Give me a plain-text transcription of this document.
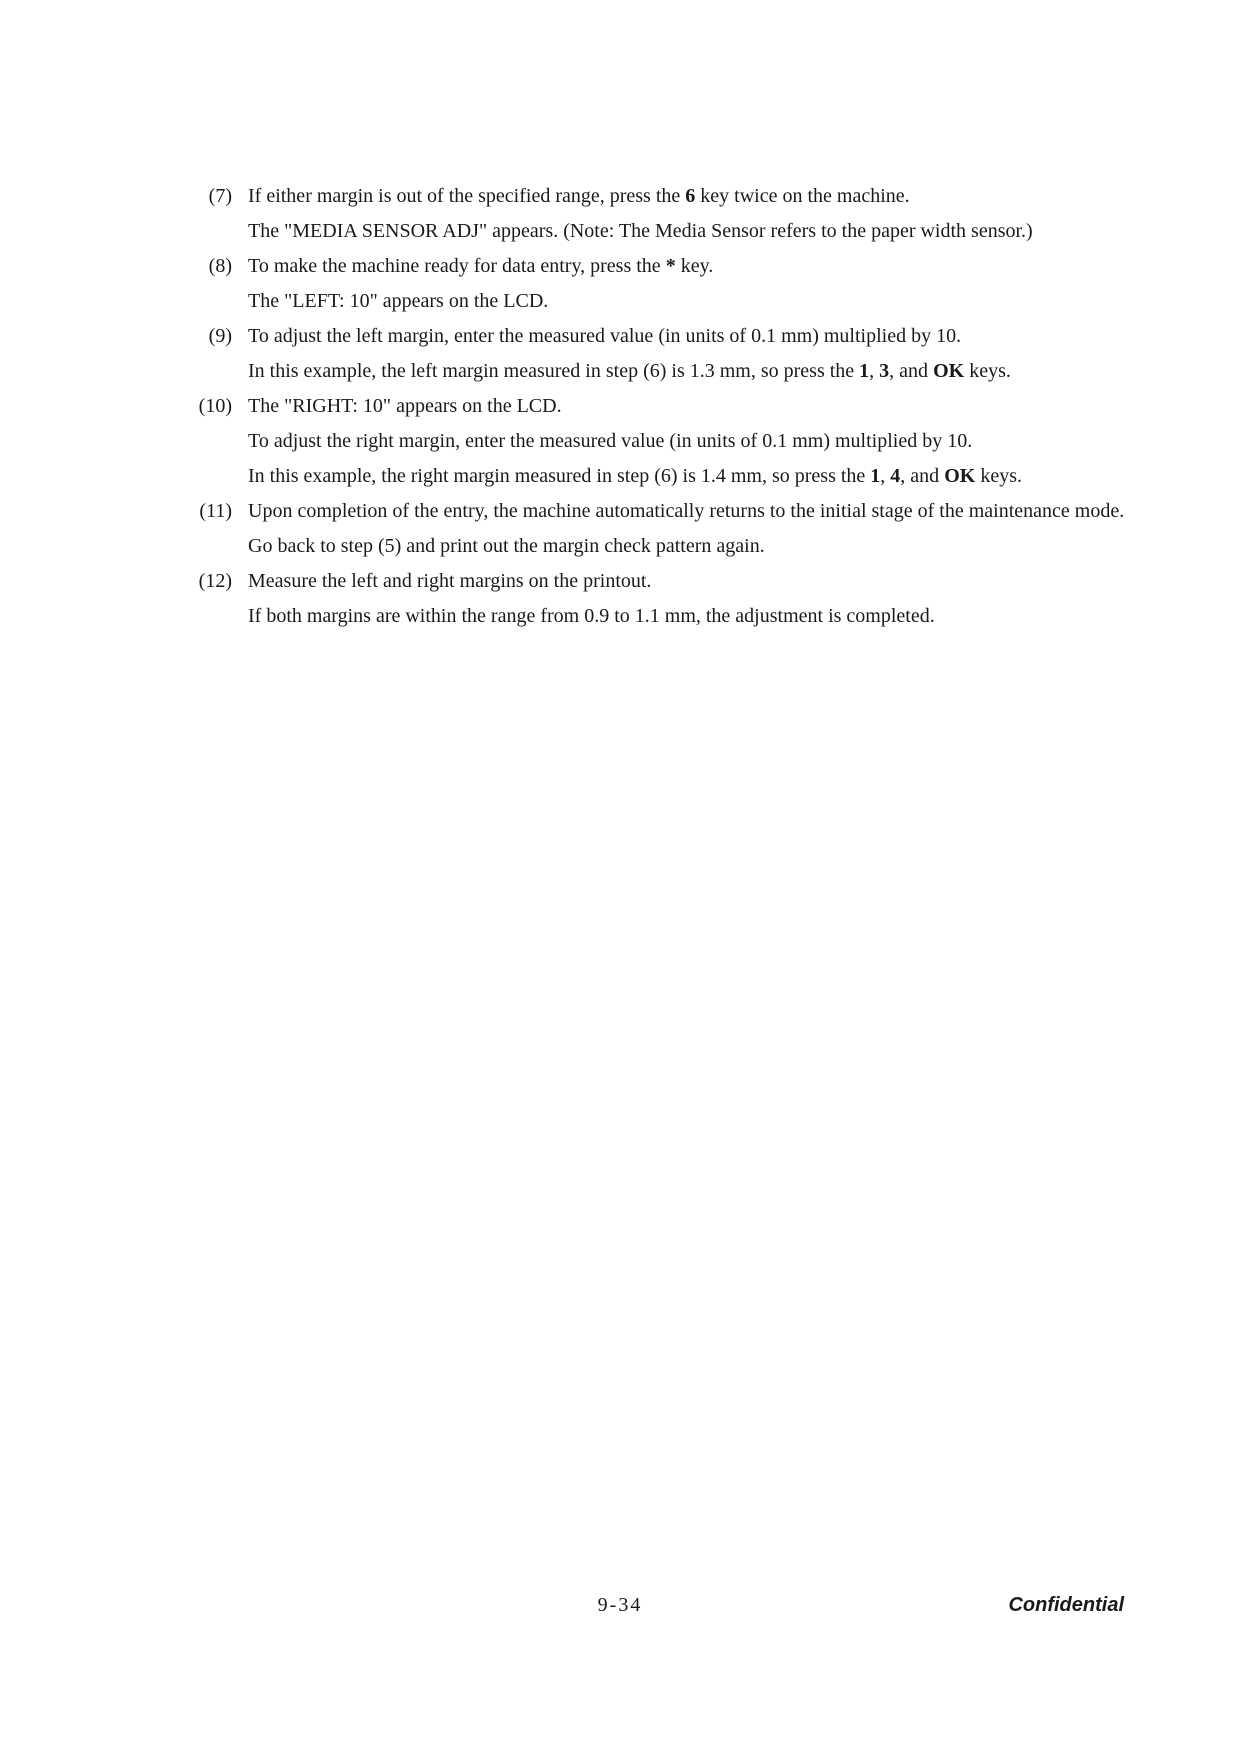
(7) If either margin is out of the specified range, press the 6 key twice on the machine.

The "MEDIA SENSOR ADJ" appears. (Note: The Media Sensor refers to the paper width sensor.)

(8) To make the machine ready for data entry, press the * key.

The "LEFT: 10" appears on the LCD.

(9) To adjust the left margin, enter the measured value (in units of 0.1 mm) multiplied by 10.

In this example, the left margin measured in step (6) is 1.3 mm, so press the 1, 3, and OK keys.

(10) The "RIGHT: 10" appears on the LCD.

To adjust the right margin, enter the measured value (in units of 0.1 mm) multiplied by 10.

In this example, the right margin measured in step (6) is 1.4 mm, so press the 1, 4, and OK keys.

(11) Upon completion of the entry, the machine automatically returns to the initial stage of the maintenance mode.

Go back to step (5) and print out the margin check pattern again.

(12) Measure the left and right margins on the printout.

If both margins are within the range from 0.9 to 1.1 mm, the adjustment is completed.

9-34	Confidential
